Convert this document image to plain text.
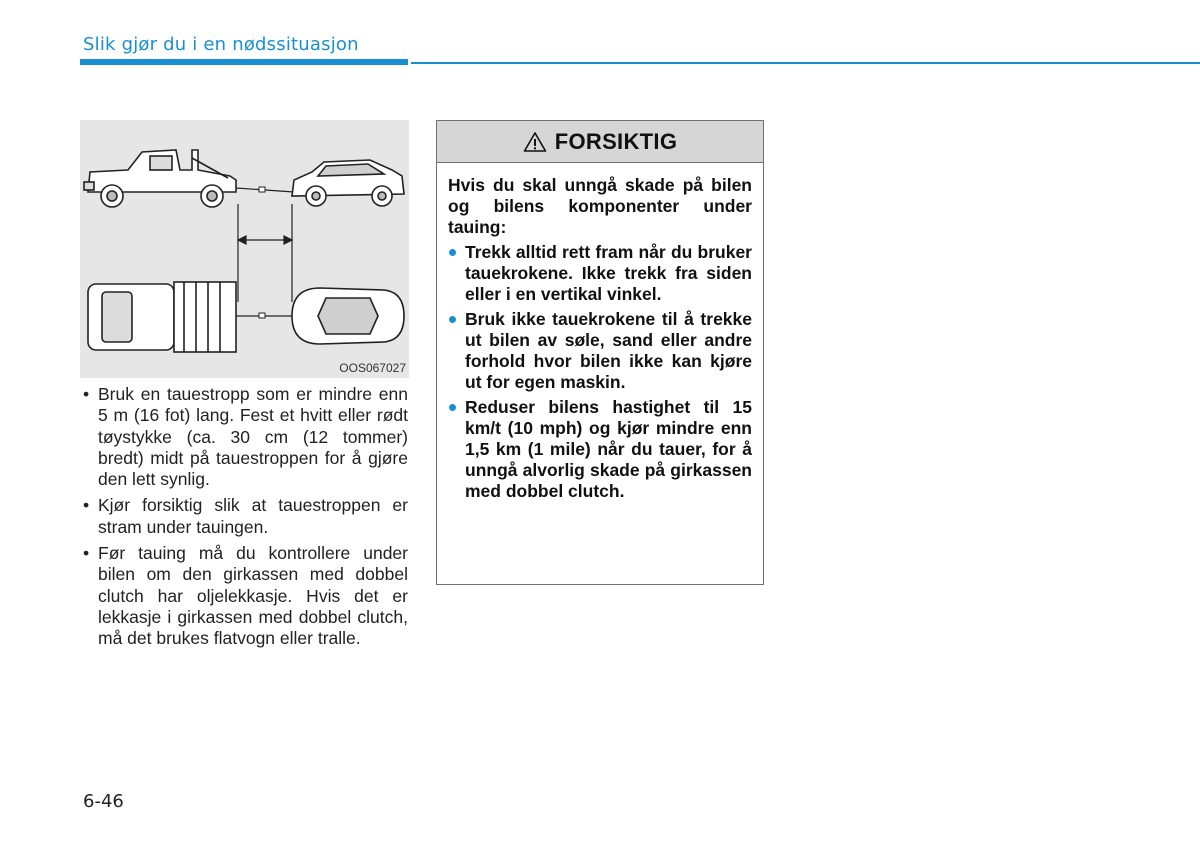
Slik gjør du i en nødssituasjon
OOS067027
• Bruk en tauestropp som er mindre enn 5 m (16 fot) lang. Fest et hvitt eller rødt tøystykke (ca. 30 cm (12 tommer) bredt) midt på tauestroppen for å gjøre den lett synlig.
• Kjør forsiktig slik at tauestroppen er stram under tauingen.
• Før tauing må du kontrollere under bilen om den girkassen med dobbel clutch har oljelekkasje. Hvis det er lekkasje i girkassen med dobbel clutch, må det brukes flatvogn eller tralle.
FORSIKTIG

Hvis du skal unngå skade på bilen og bilens komponenter under tauing:

Trekk alltid rett fram når du bruker tauekrokene. Ikke trekk fra siden eller i en vertikal vinkel.
Bruk ikke tauekrokene til å trekke ut bilen av søle, sand eller andre forhold hvor bilen ikke kan kjøre ut for egen maskin.
Reduser bilens hastighet til 15 km/t (10 mph) og kjør mindre enn 1,5 km (1 mile) når du tauer, for å unngå alvorlig skade på girkassen med dobbel clutch.
6-46
